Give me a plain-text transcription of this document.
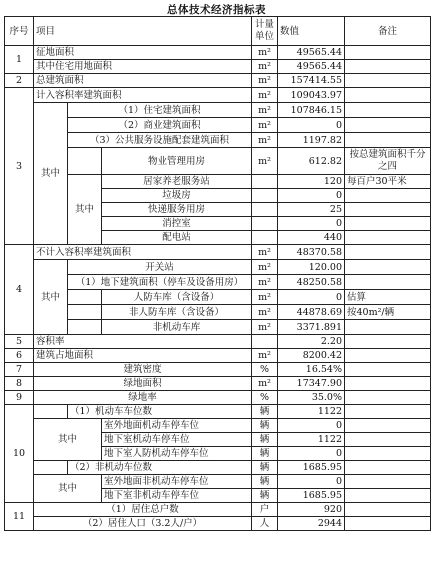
总体技术经济指标表
序号	项目			计量单位	数值	备注
1	征地面积			m²	49565.44	
	其中住宅用地面积			m²	49565.44	
2	总建筑面积			m²	157414.55	
3	计入容积率建筑面积			m²	109043.97	
	其中	（1）住宅建筑面积		m²	107846.15	
		（2）商业建筑面积		m²	0	
		（3）公共服务设施配套建筑面积		m²	1197.82	
			物业管理用房	m²	612.82	按总建筑面积千分之四
		其中	居家养老服务站		120	每百户30平米
			垃圾房		0	
			快递服务用房		25	
			消控室		0	
			配电站		440	
4	不计入容积率建筑面积			m²	48370.58	
	其中	开关站		m²	120.00	
		（1）地下建筑面积（停车及设备用房）		m²	48250.58	
			人防车库（含设备）	m²	0	估算
			非人防车库（含设备）	m²	44878.69	按40m²/辆
			非机动车库	m²	3371.891	
5	容积率				2.20	
6	建筑占地面积			m²	8200.42	
7	建筑密度			%	16.54%	
8	绿地面积			m²	17347.90	
9	绿地率			%	35.0%	
10		（1）机动车车位数		辆	1122	
	其中		室外地面机动车停车位	辆	0	
			地下室机动车停车位	辆	1122	
			地下室人防机动车停车位	辆	0	
		（2）非机动车位数		辆	1685.95	
	其中		室外地面非机动车停车位	辆	0	
			地下室非机动车停车位	辆	1685.95	
11	（1）居住总户数			户	920	
	（2）居住人口（3.2人/户）			人	2944	
